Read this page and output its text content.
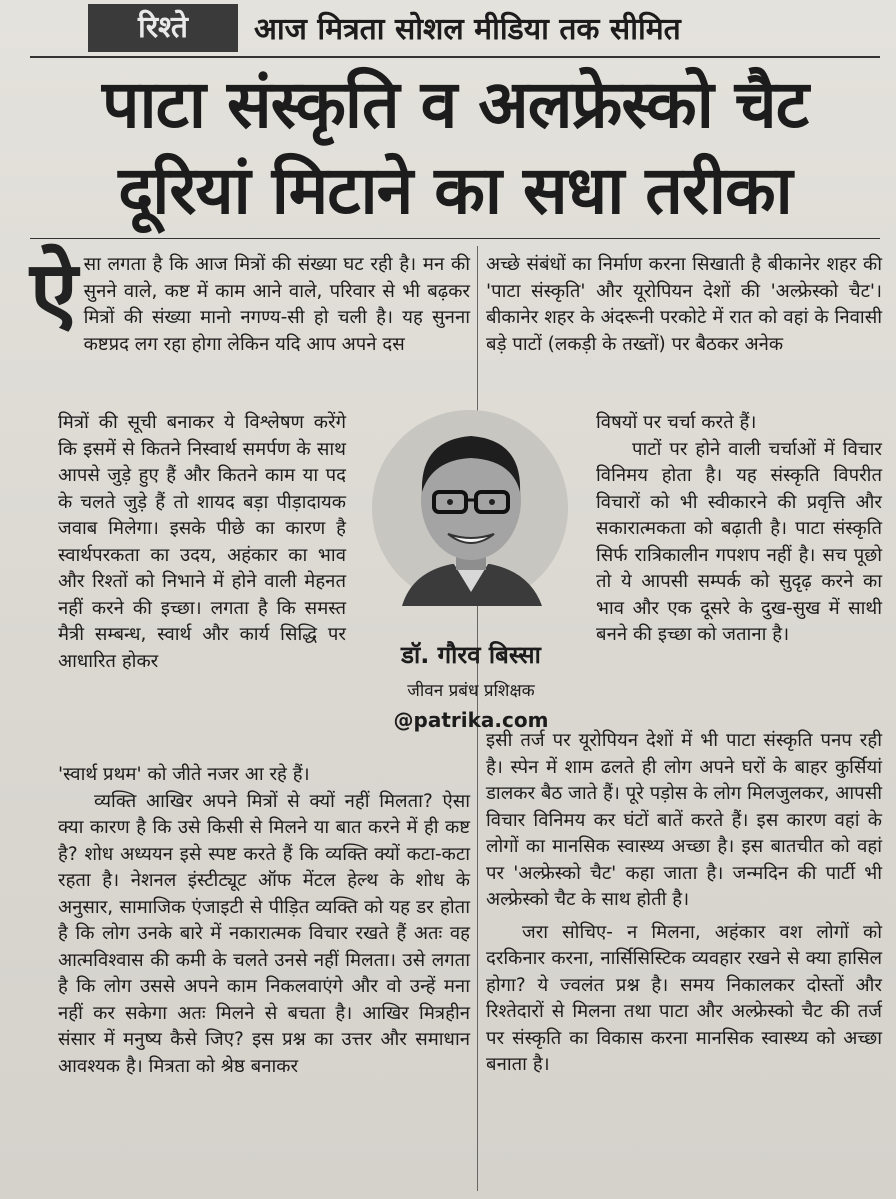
रिश्ते	आज मित्रता सोशल मीडिया तक सीमित
पाटा संस्कृति व अलफ्रेस्को चैट
दूरियां मिटाने का सधा तरीका

ऐ सा लगता है कि आज मित्रों की संख्या घट रही है। मन की सुनने वाले, कष्ट में काम आने वाले, परिवार से भी बढ़कर मित्रों की संख्या मानो नगण्य-सी हो चली है। यह सुनना कष्टप्रद लग रहा होगा लेकिन यदि आप अपने दस

मित्रों की सूची बनाकर ये विश्लेषण करेंगे कि इसमें से कितने निस्वार्थ समर्पण के साथ आपसे जुड़े हुए हैं और कितने काम या पद के चलते जुड़े हैं तो शायद बड़ा पीड़ादायक जवाब मिलेगा। इसके पीछे का कारण है स्वार्थपरकता का उदय, अहंकार का भाव और रिश्तों को निभाने में होने वाली मेहनत नहीं करने की इच्छा। लगता है कि समस्त मैत्री सम्बन्ध, स्वार्थ और कार्य सिद्धि पर आधारित होकर

'स्वार्थ प्रथम' को जीते नजर आ रहे हैं।

व्यक्ति आखिर अपने मित्रों से क्यों नहीं मिलता? ऐसा क्या कारण है कि उसे किसी से मिलने या बात करने में ही कष्ट है? शोध अध्ययन इसे स्पष्ट करते हैं कि व्यक्ति क्यों कटा-कटा रहता है। नेशनल इंस्टीट्यूट ऑफ मेंटल हेल्थ के शोध के अनुसार, सामाजिक एंजाइटी से पीड़ित व्यक्ति को यह डर होता है कि लोग उनके बारे में नकारात्मक विचार रखते हैं अतः वह आत्मविश्वास की कमी के चलते उनसे नहीं मिलता। उसे लगता है कि लोग उससे अपने काम निकलवाएंगे और वो उन्हें मना नहीं कर सकेगा अतः मिलने से बचता है। आखिर मित्रहीन संसार में मनुष्य कैसे जिए? इस प्रश्न का उत्तर और समाधान आवश्यक है। मित्रता को श्रेष्ठ बनाकर

अच्छे संबंधों का निर्माण करना सिखाती है बीकानेर शहर की 'पाटा संस्कृति' और यूरोपियन देशों की 'अल्फ्रेस्को चैट'। बीकानेर शहर के अंदरूनी परकोटे में रात को वहां के निवासी बड़े पाटों (लकड़ी के तख्तों) पर बैठकर अनेक

विषयों पर चर्चा करते हैं।

पाटों पर होने वाली चर्चाओं में विचार विनिमय होता है। यह संस्कृति विपरीत विचारों को भी स्वीकारने की प्रवृत्ति और सकारात्मकता को बढ़ाती है। पाटा संस्कृति सिर्फ रात्रिकालीन गपशप नहीं है। सच पूछो तो ये आपसी सम्पर्क को सुदृढ़ करने का भाव और एक दूसरे के दुख-सुख में साथी बनने की इच्छा को जताना है।

इसी तर्ज पर यूरोपियन देशों में भी पाटा संस्कृति पनप रही है। स्पेन में शाम ढलते ही लोग अपने घरों के बाहर कुर्सियां डालकर बैठ जाते हैं। पूरे पड़ोस के लोग मिलजुलकर, आपसी विचार विनिमय कर घंटों बातें करते हैं। इस कारण वहां के लोगों का मानसिक स्वास्थ्य अच्छा है। इस बातचीत को वहां पर 'अल्फ्रेस्को चैट' कहा जाता है। जन्मदिन की पार्टी भी अल्फ्रेस्को चैट के साथ होती है।

जरा सोचिए- न मिलना, अहंकार वश लोगों को दरकिनार करना, नार्सिसिस्टिक व्यवहार रखने से क्या हासिल होगा? ये ज्वलंत प्रश्न है। समय निकालकर दोस्तों और रिश्तेदारों से मिलना तथा पाटा और अल्फ्रेस्को चैट की तर्ज पर संस्कृति का विकास करना मानसिक स्वास्थ्य को अच्छा बनाता है।

डॉ. गौरव बिस्सा
जीवन प्रबंध प्रशिक्षक
@patrika.com
